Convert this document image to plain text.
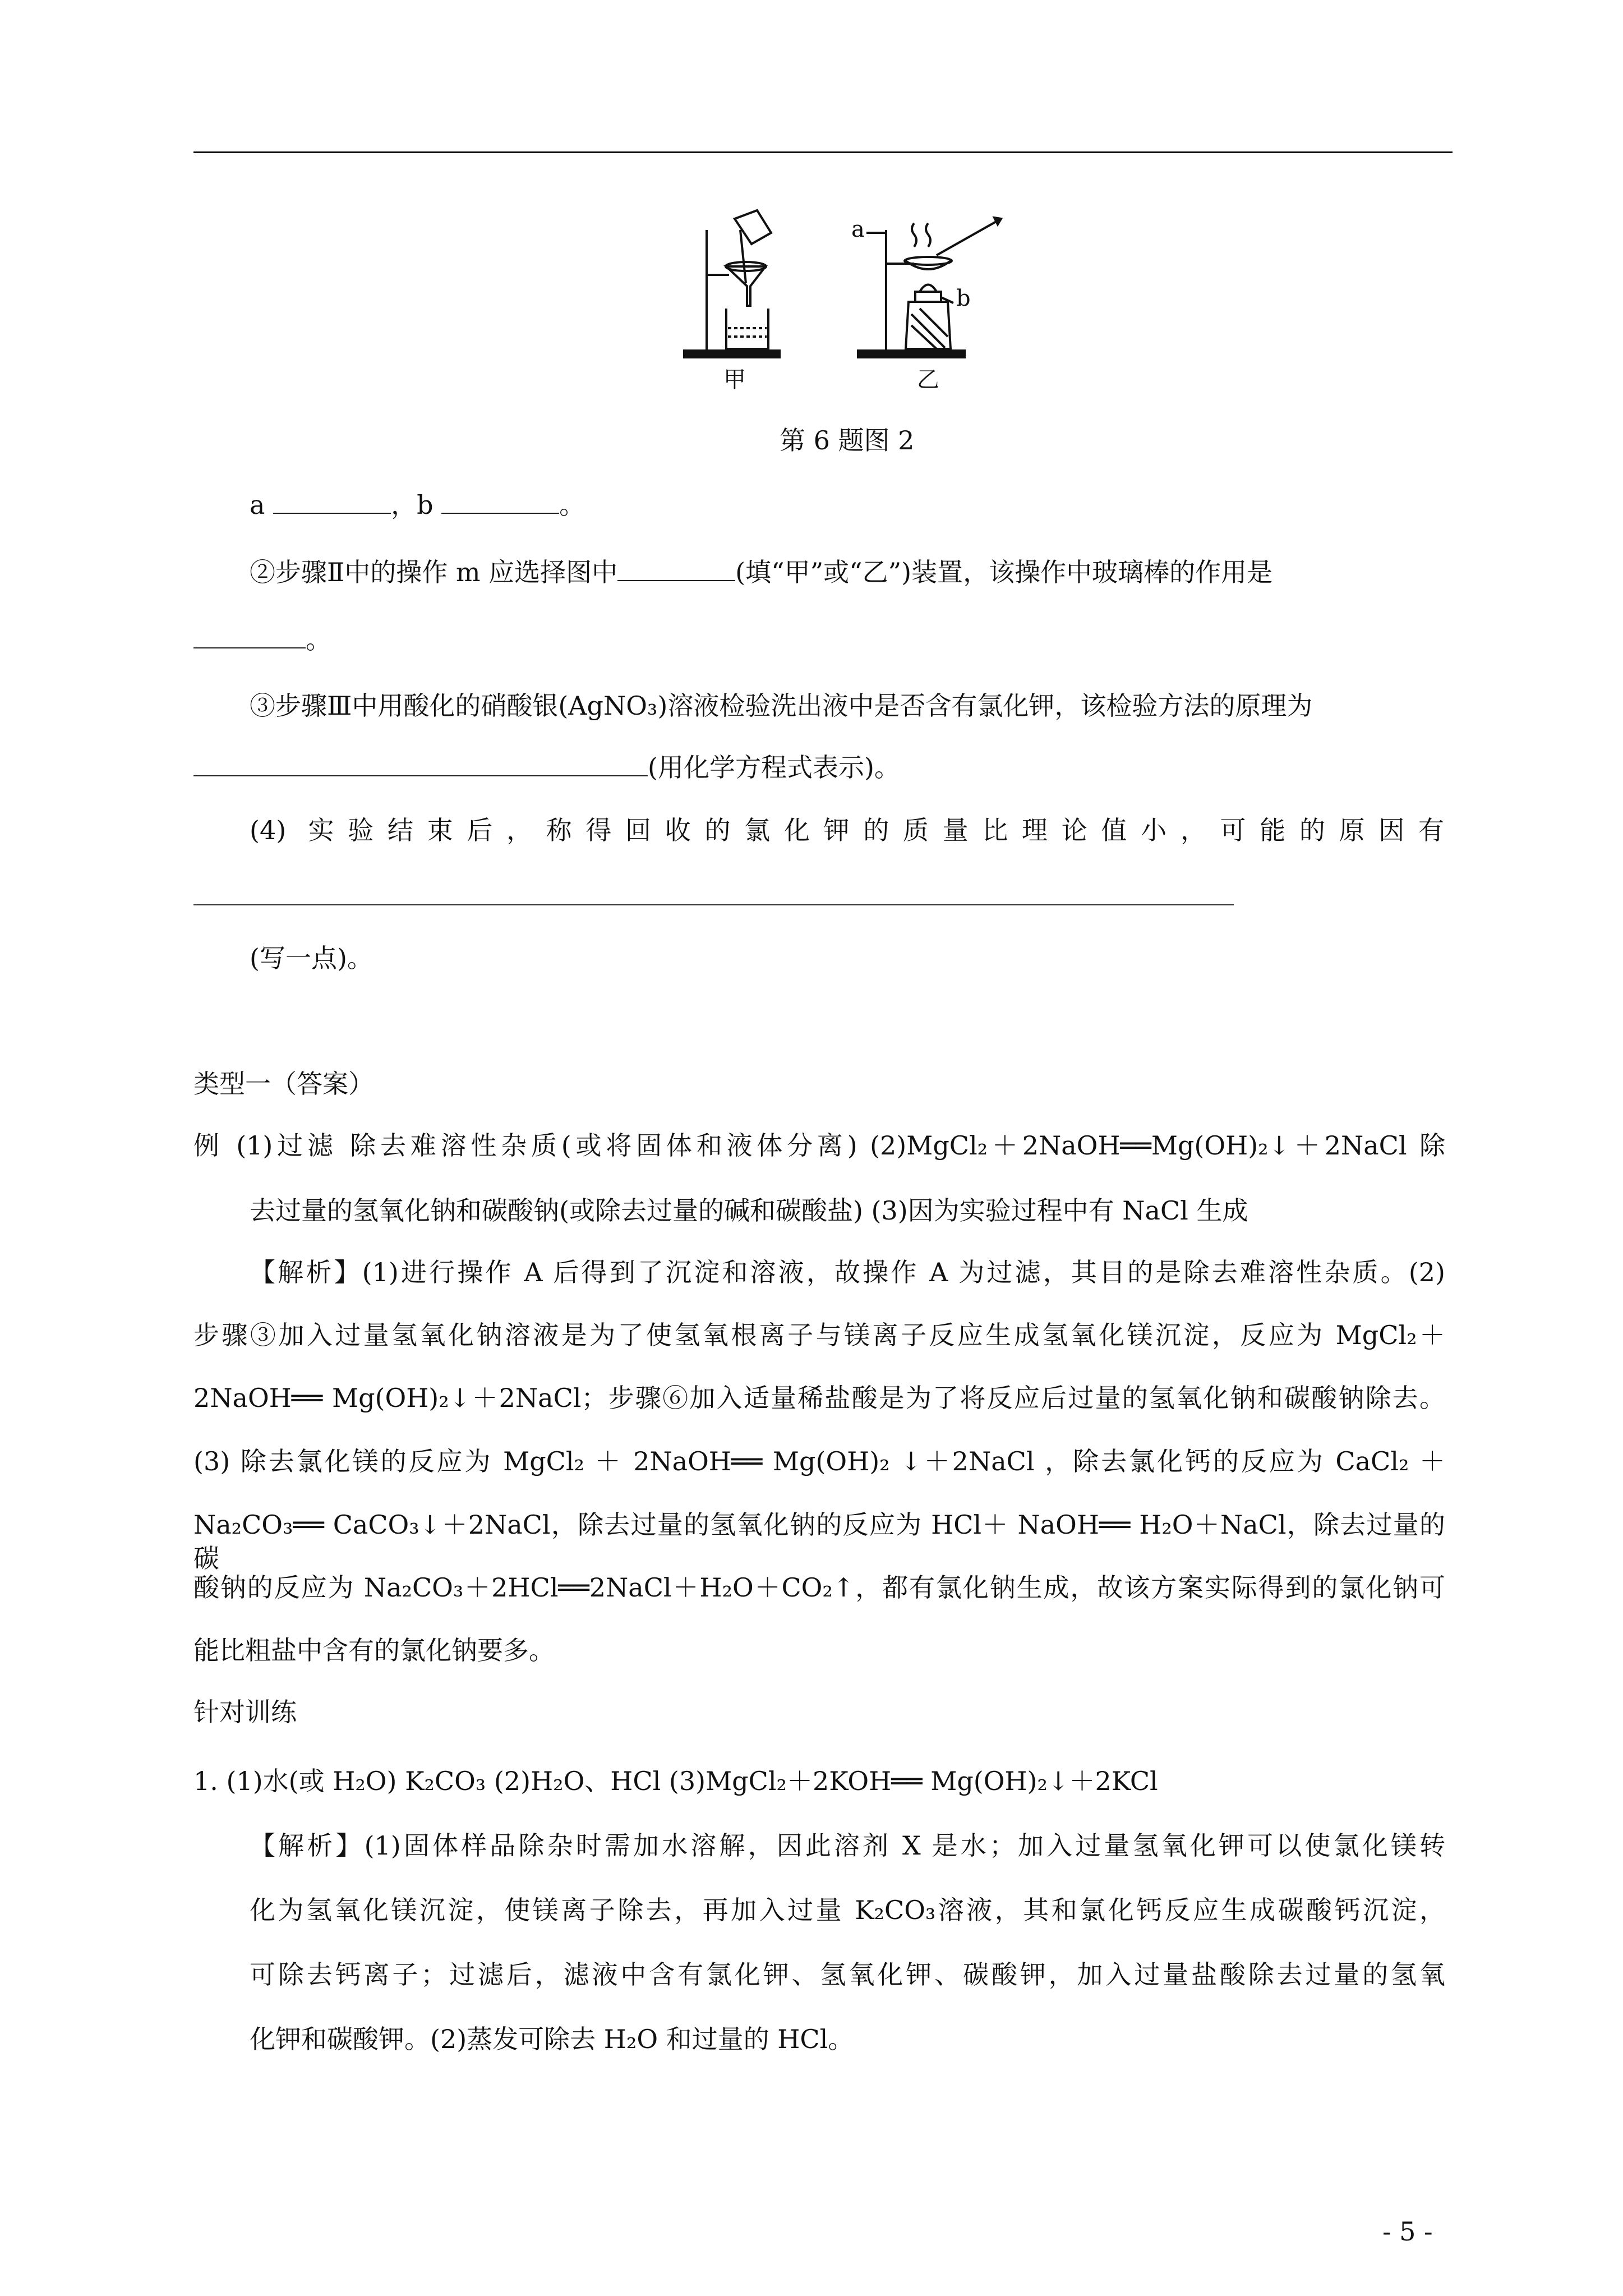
a
b
甲	乙
第 6 题图 2
a	，b	。
②步骤Ⅱ中的操作 m 应选择图中	(填“甲”或“乙”)装置，该操作中玻璃棒的作用是
。
③步骤Ⅲ中用酸化的硝酸银(AgNO₃)溶液检验洗出液中是否含有氯化钾，该检验方法的原理为
(用化学方程式表示)。
(4) 实验结束后，称得回收的氯化钾的质量比理论值小，可能的原因有
(写一点)。
类型一（答案）
例 (1)过滤 除去难溶性杂质(或将固体和液体分离) (2)MgCl₂＋2NaOH══Mg(OH)₂↓＋2NaCl 除
去过量的氢氧化钠和碳酸钠(或除去过量的碱和碳酸盐) (3)因为实验过程中有 NaCl 生成
【解析】(1)进行操作 A 后得到了沉淀和溶液，故操作 A 为过滤，其目的是除去难溶性杂质。(2)
步骤③加入过量氢氧化钠溶液是为了使氢氧根离子与镁离子反应生成氢氧化镁沉淀，反应为 MgCl₂＋
2NaOH══ Mg(OH)₂↓＋2NaCl；步骤⑥加入适量稀盐酸是为了将反应后过量的氢氧化钠和碳酸钠除去。
(3) 除去氯化镁的反应为 MgCl₂ ＋ 2NaOH══ Mg(OH)₂ ↓＋2NaCl ，除去氯化钙的反应为 CaCl₂ ＋
Na₂CO₃══ CaCO₃↓＋2NaCl，除去过量的氢氧化钠的反应为 HCl＋ NaOH══ H₂O＋NaCl，除去过量的碳
酸钠的反应为 Na₂CO₃＋2HCl══2NaCl＋H₂O＋CO₂↑，都有氯化钠生成，故该方案实际得到的氯化钠可
能比粗盐中含有的氯化钠要多。
针对训练
1. (1)水(或 H₂O) K₂CO₃ (2)H₂O、HCl (3)MgCl₂＋2KOH══ Mg(OH)₂↓＋2KCl
【解析】(1)固体样品除杂时需加水溶解，因此溶剂 X 是水；加入过量氢氧化钾可以使氯化镁转
化为氢氧化镁沉淀，使镁离子除去，再加入过量 K₂CO₃溶液，其和氯化钙反应生成碳酸钙沉淀，
可除去钙离子；过滤后，滤液中含有氯化钾、氢氧化钾、碳酸钾，加入过量盐酸除去过量的氢氧
化钾和碳酸钾。(2)蒸发可除去 H₂O 和过量的 HCl。
- 5 -
